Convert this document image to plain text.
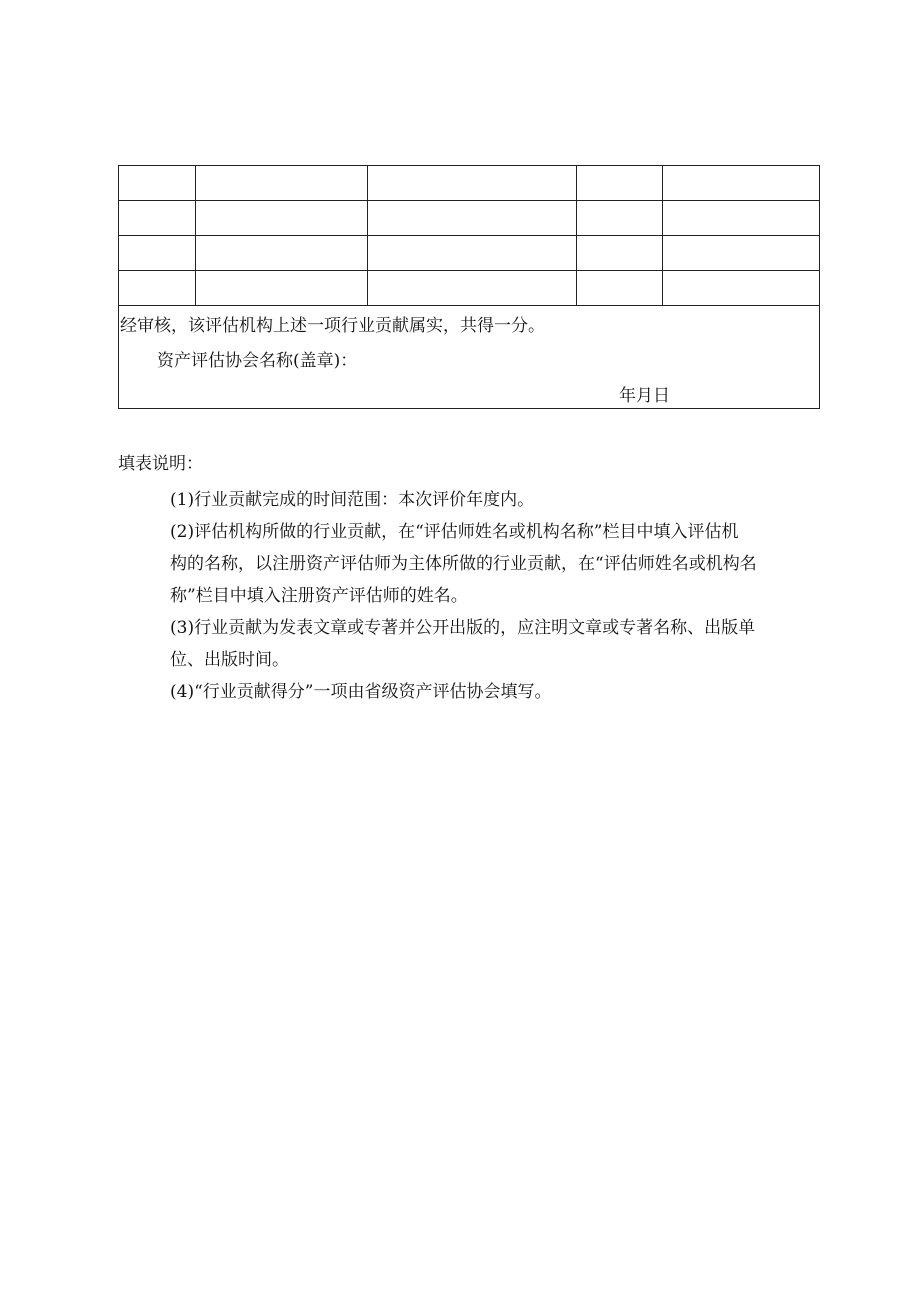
经审核，该评估机构上述一项行业贡献属实，共得一分。
资产评估协会名称(盖章)：
年月日				
填表说明：
(1)行业贡献完成的时间范围：本次评价年度内。
(2)评估机构所做的行业贡献，在“评估师姓名或机构名称”栏目中填入评估机
构的名称，以注册资产评估师为主体所做的行业贡献，在“评估师姓名或机构名
称”栏目中填入注册资产评估师的姓名。
(3)行业贡献为发表文章或专著并公开出版的，应注明文章或专著名称、出版单
位、出版时间。
(4)“行业贡献得分”一项由省级资产评估协会填写。
